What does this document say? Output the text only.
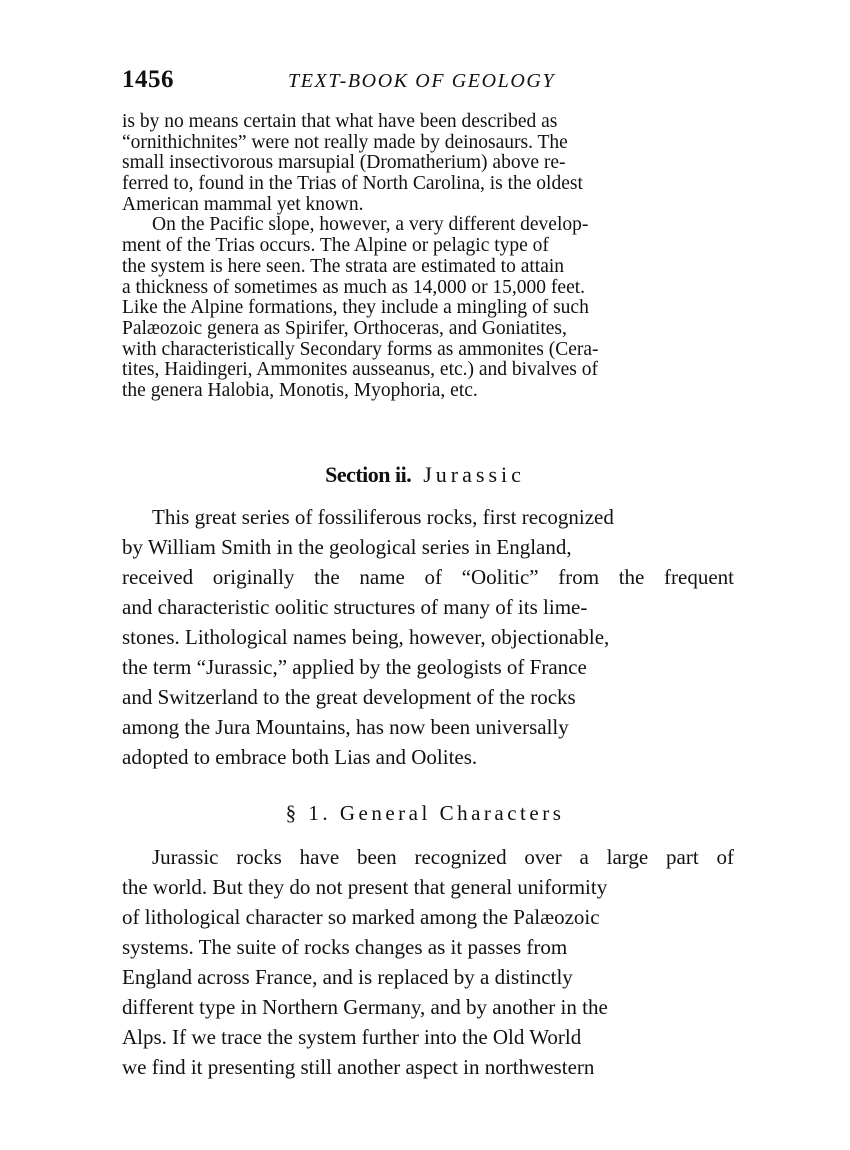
1456	TEXT-BOOK OF GEOLOGY

is by no means certain that what have been described as

“ornithichnites” were not really made by deinosaurs. The

small insectivorous marsupial (Dromatherium) above re-

ferred to, found in the Trias of North Carolina, is the oldest

American mammal yet known.

On the Pacific slope, however, a very different develop-

ment of the Trias occurs. The Alpine or pelagic type of

the system is here seen. The strata are estimated to attain

a thickness of sometimes as much as 14,000 or 15,000 feet.

Like the Alpine formations, they include a mingling of such

Palæozoic genera as Spirifer, Orthoceras, and Goniatites,

with characteristically Secondary forms as ammonites (Cera-

tites, Haidingeri, Ammonites ausseanus, etc.) and bivalves of

the genera Halobia, Monotis, Myophoria, etc.

Section ii. Jurassic

This great series of fossiliferous rocks, first recognized

by William Smith in the geological series in England,

received originally the name of “Oolitic” from the frequent

and characteristic oolitic structures of many of its lime-

stones. Lithological names being, however, objectionable,

the term “Jurassic,” applied by the geologists of France

and Switzerland to the great development of the rocks

among the Jura Mountains, has now been universally

adopted to embrace both Lias and Oolites.

§ 1. General Characters

Jurassic rocks have been recognized over a large part of

the world. But they do not present that general uniformity

of lithological character so marked among the Palæozoic

systems. The suite of rocks changes as it passes from

England across France, and is replaced by a distinctly

different type in Northern Germany, and by another in the

Alps. If we trace the system further into the Old World

we find it presenting still another aspect in northwestern
